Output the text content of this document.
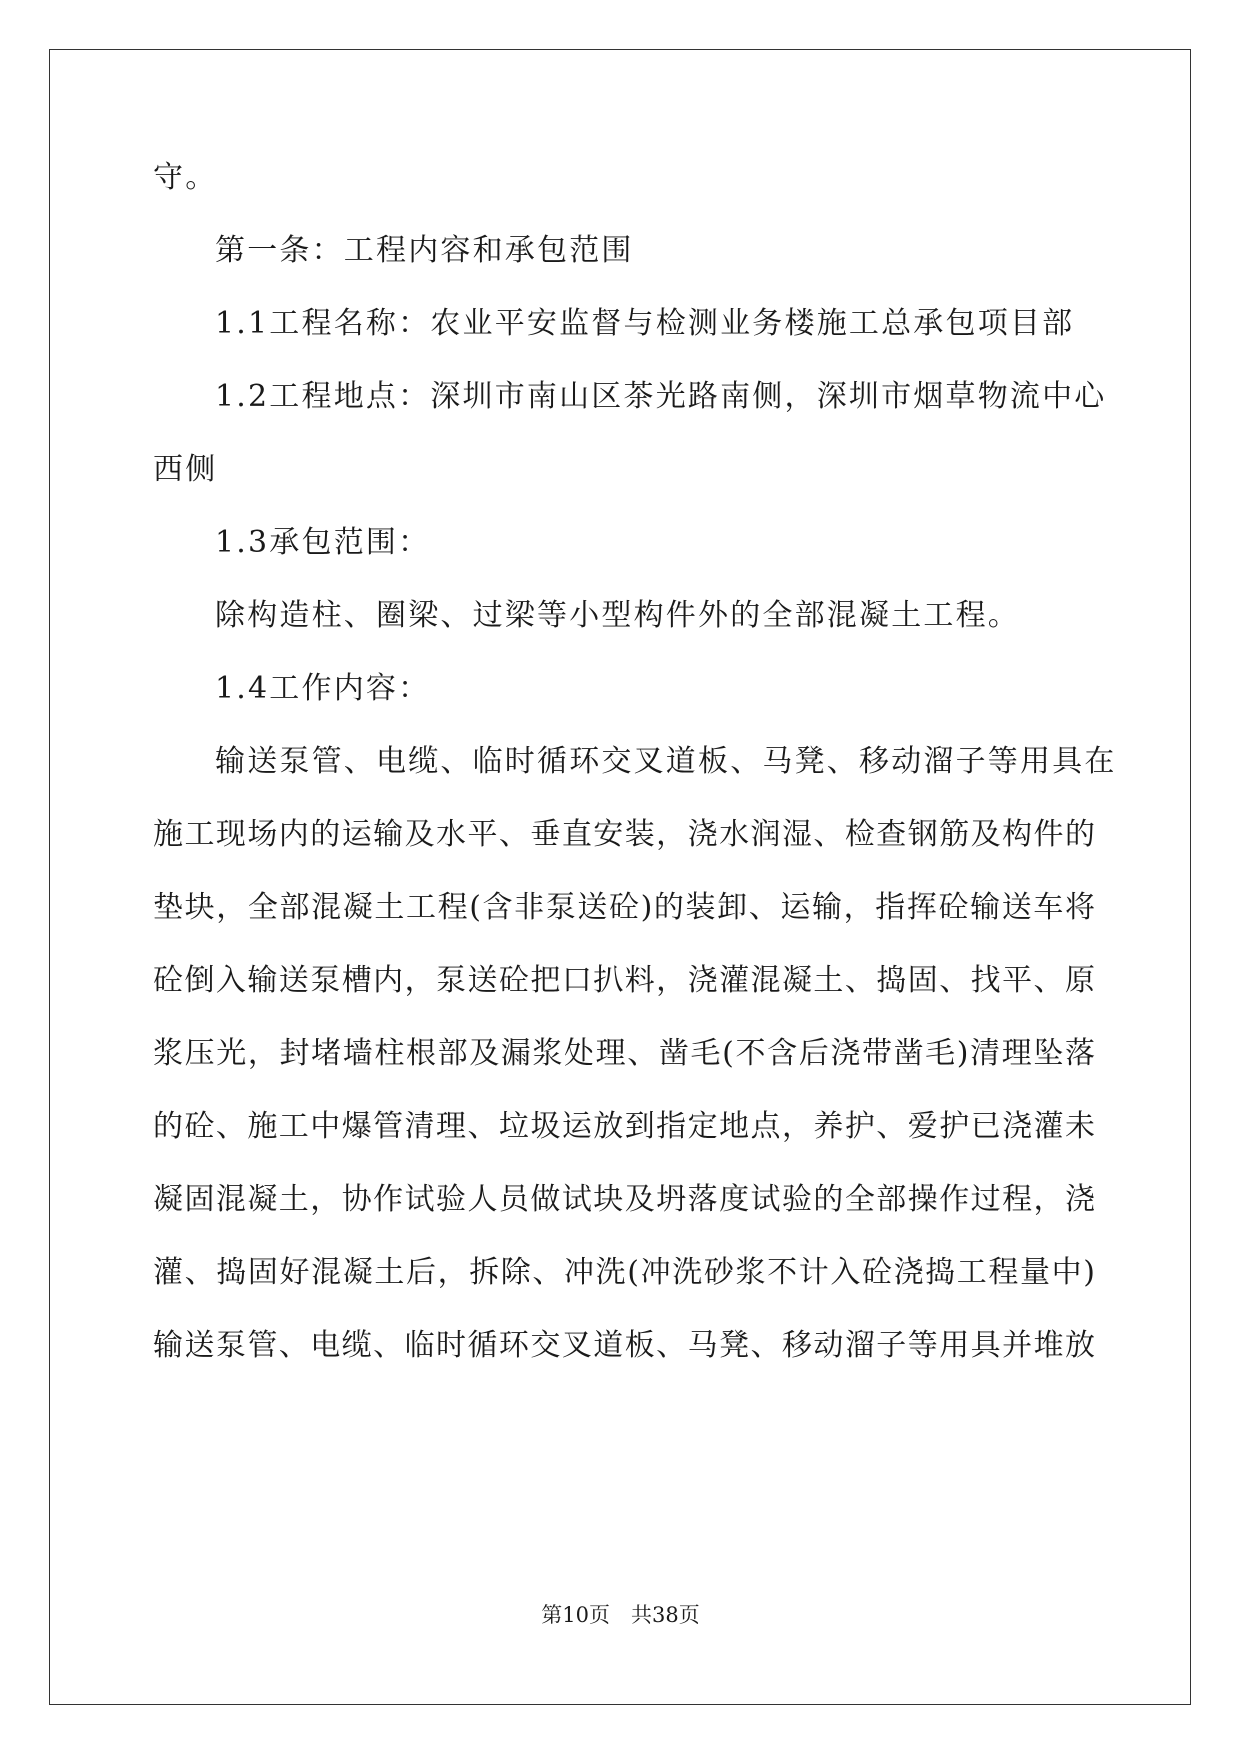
守。
第一条：工程内容和承包范围
1.1工程名称：农业平安监督与检测业务楼施工总承包项目部
1.2工程地点：深圳市南山区茶光路南侧，深圳市烟草物流中心
西侧
1.3承包范围：
除构造柱、圈梁、过梁等小型构件外的全部混凝土工程。
1.4工作内容：
输送泵管、电缆、临时循环交叉道板、马凳、移动溜子等用具在
施工现场内的运输及水平、垂直安装，浇水润湿、检查钢筋及构件的
垫块，全部混凝土工程(含非泵送砼)的装卸、运输，指挥砼输送车将
砼倒入输送泵槽内，泵送砼把口扒料，浇灌混凝土、捣固、找平、原
浆压光，封堵墙柱根部及漏浆处理、凿毛(不含后浇带凿毛)清理坠落
的砼、施工中爆管清理、垃圾运放到指定地点，养护、爱护已浇灌未
凝固混凝土，协作试验人员做试块及坍落度试验的全部操作过程，浇
灌、捣固好混凝土后，拆除、冲洗(冲洗砂浆不计入砼浇捣工程量中)
输送泵管、电缆、临时循环交叉道板、马凳、移动溜子等用具并堆放
第10页　共38页
